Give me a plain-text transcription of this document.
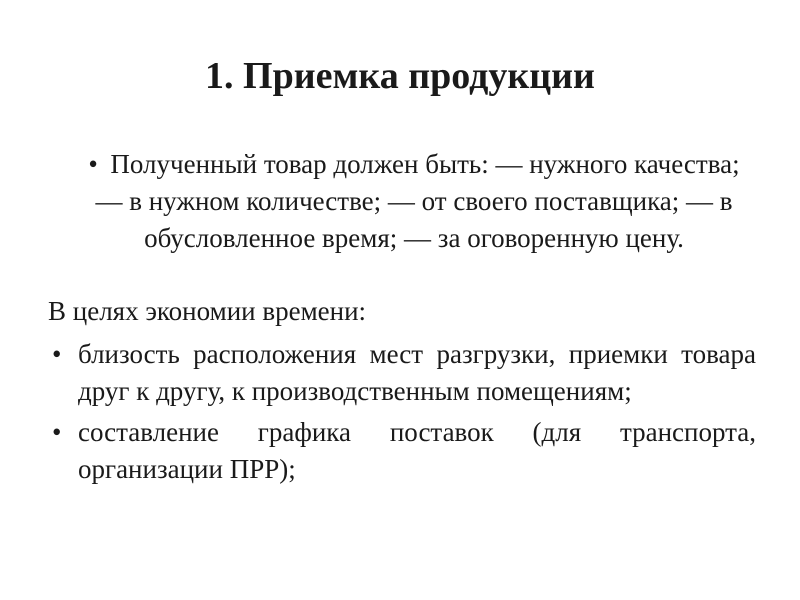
1. Приемка продукции
• Полученный товар должен быть: — нужного качества;— в нужном количестве; — от своего поставщика; — в обусловленное время; — за оговоренную цену.
В целях экономии времени:
• близость расположения мест разгрузки, приемки товара друг к другу, к производственным помещениям;
• составление графика поставок (для транспорта, организации ПРР);
